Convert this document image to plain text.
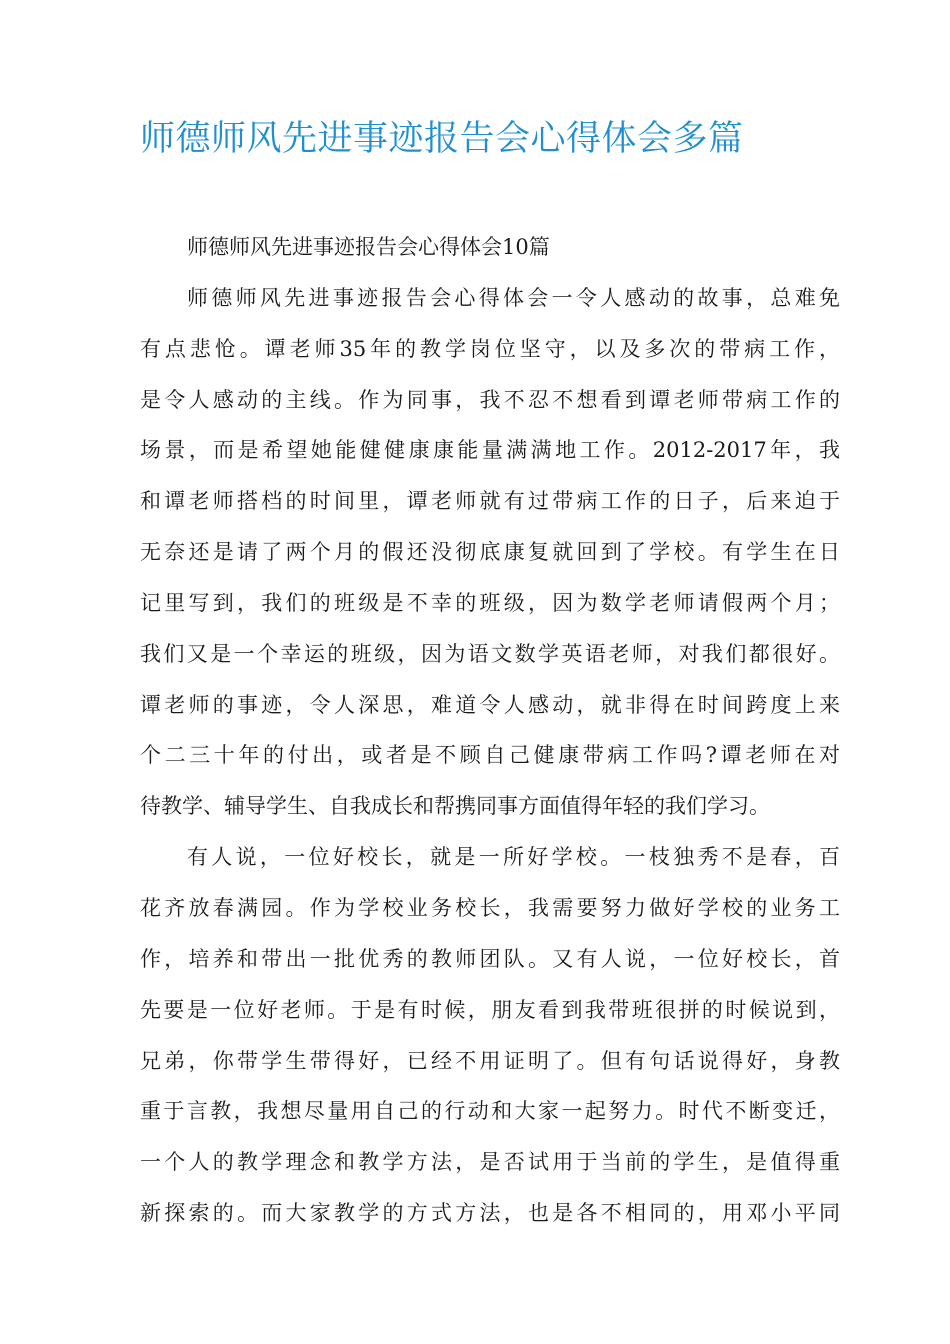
师德师风先进事迹报告会心得体会多篇
师德师风先进事迹报告会心得体会10篇
师德师风先进事迹报告会心得体会一令人感动的故事，总难免
有点悲怆。谭老师35年的教学岗位坚守，以及多次的带病工作，
是令人感动的主线。作为同事，我不忍不想看到谭老师带病工作的
场景，而是希望她能健健康康能量满满地工作。2012-2017年，我
和谭老师搭档的时间里，谭老师就有过带病工作的日子，后来迫于
无奈还是请了两个月的假还没彻底康复就回到了学校。有学生在日
记里写到，我们的班级是不幸的班级，因为数学老师请假两个月；
我们又是一个幸运的班级，因为语文数学英语老师，对我们都很好。
谭老师的事迹，令人深思，难道令人感动，就非得在时间跨度上来
个二三十年的付出，或者是不顾自己健康带病工作吗?谭老师在对
待教学、辅导学生、自我成长和帮携同事方面值得年轻的我们学习。
有人说，一位好校长，就是一所好学校。一枝独秀不是春，百
花齐放春满园。作为学校业务校长，我需要努力做好学校的业务工
作，培养和带出一批优秀的教师团队。又有人说，一位好校长，首
先要是一位好老师。于是有时候，朋友看到我带班很拼的时候说到，
兄弟，你带学生带得好，已经不用证明了。但有句话说得好，身教
重于言教，我想尽量用自己的行动和大家一起努力。时代不断变迁，
一个人的教学理念和教学方法，是否试用于当前的学生，是值得重
新探索的。而大家教学的方式方法，也是各不相同的，用邓小平同
